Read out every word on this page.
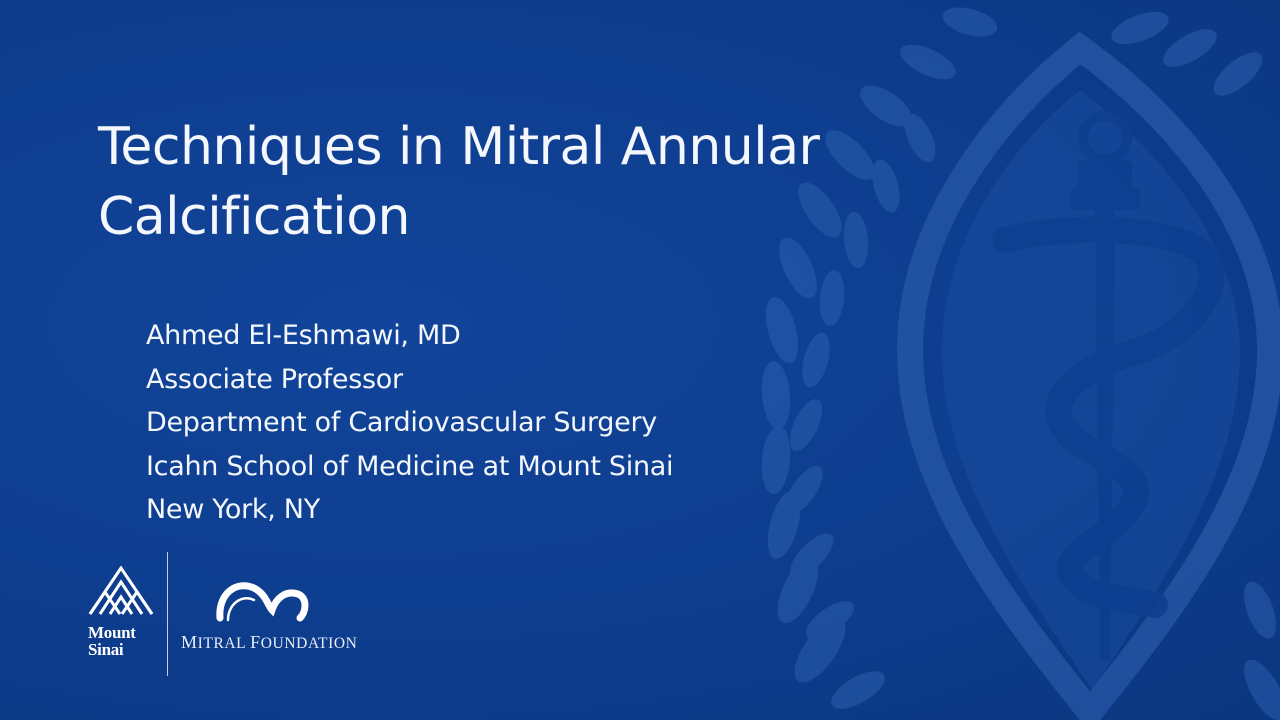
Techniques in Mitral Annular
Calcification
Ahmed El-Eshmawi, MD
Associate Professor
Department of Cardiovascular Surgery
Icahn School of Medicine at Mount Sinai
New York, NY
Mount
Sinai	MITRAL FOUNDATION
